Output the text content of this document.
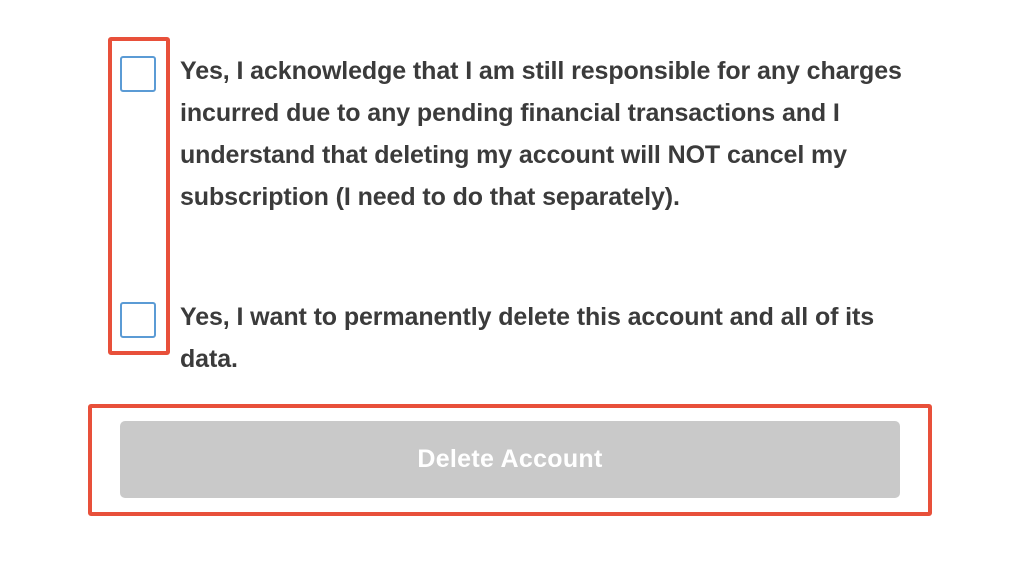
Yes, I acknowledge that I am still responsible for any charges incurred due to any pending financial transactions and I understand that deleting my account will NOT cancel my subscription (I need to do that separately).
Yes, I want to permanently delete this account and all of its data.
Delete Account
